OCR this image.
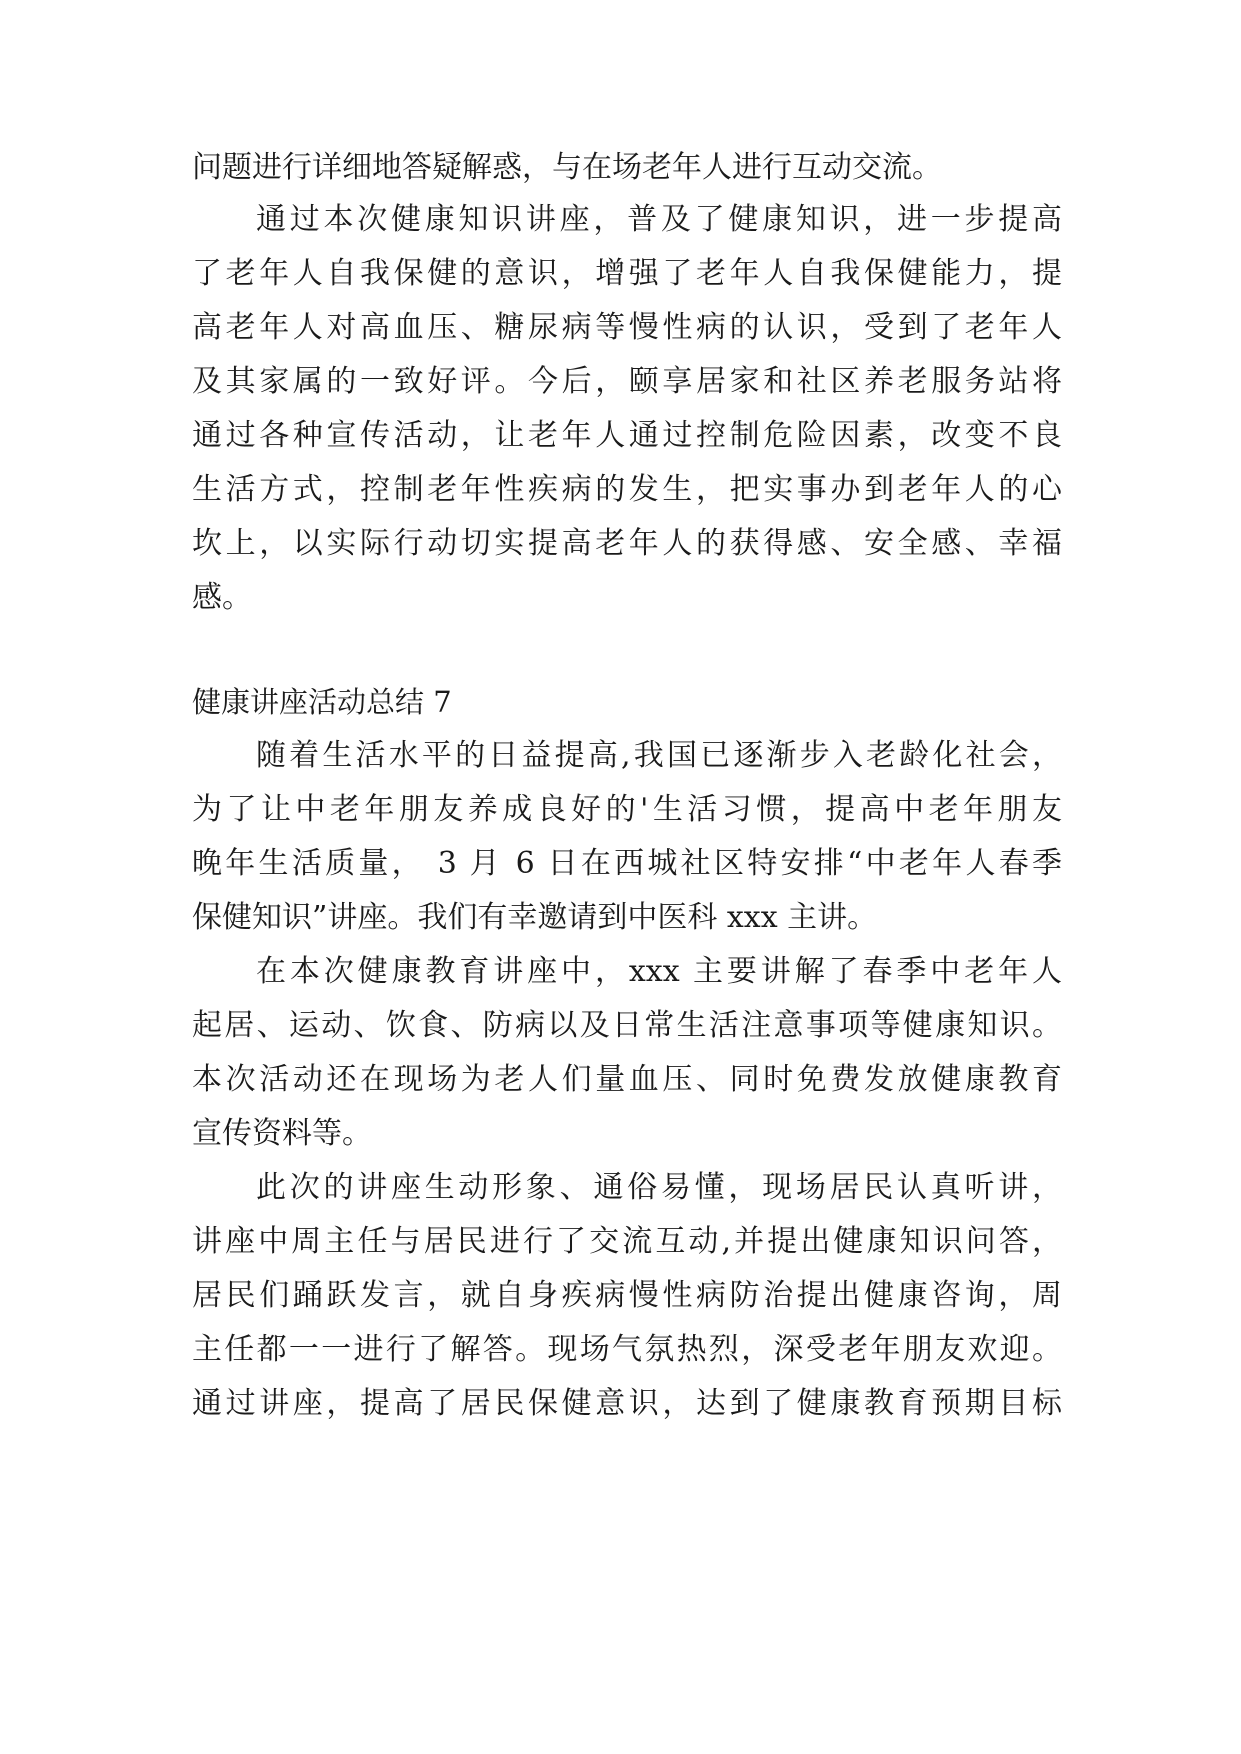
问题进行详细地答疑解惑，与在场老年人进行互动交流。
通过本次健康知识讲座，普及了健康知识，进一步提高
了老年人自我保健的意识，增强了老年人自我保健能力，提
高老年人对高血压、糖尿病等慢性病的认识，受到了老年人
及其家属的一致好评。今后，颐享居家和社区养老服务站将
通过各种宣传活动，让老年人通过控制危险因素，改变不良
生活方式，控制老年性疾病的发生，把实事办到老年人的心
坎上，以实际行动切实提高老年人的获得感、安全感、幸福
感。
健康讲座活动总结 7
随着生活水平的日益提高,我国已逐渐步入老龄化社会，
为了让中老年朋友养成良好的'生活习惯，提高中老年朋友
晚年生活质量， 3 月 6 日在西城社区特安排“中老年人春季
保健知识”讲座。我们有幸邀请到中医科 xxx 主讲。
在本次健康教育讲座中，xxx 主要讲解了春季中老年人
起居、运动、饮食、防病以及日常生活注意事项等健康知识。
本次活动还在现场为老人们量血压、同时免费发放健康教育
宣传资料等。
此次的讲座生动形象、通俗易懂，现场居民认真听讲，
讲座中周主任与居民进行了交流互动,并提出健康知识问答，
居民们踊跃发言，就自身疾病慢性病防治提出健康咨询，周
主任都一一进行了解答。现场气氛热烈，深受老年朋友欢迎。
通过讲座，提高了居民保健意识，达到了健康教育预期目标
